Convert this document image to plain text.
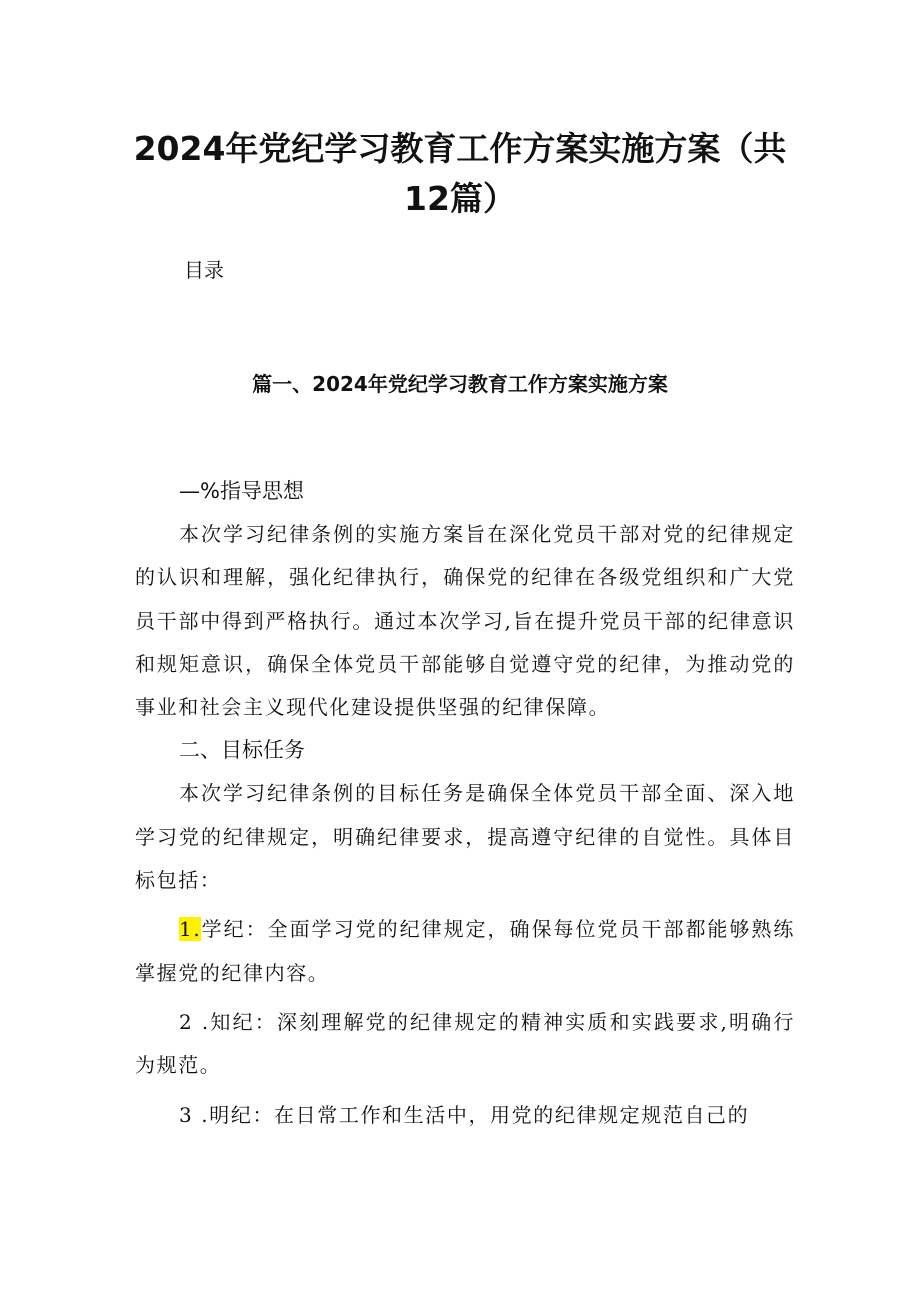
2024年党纪学习教育工作方案实施方案（共12篇）
目录
篇一、2024年党纪学习教育工作方案实施方案

—%指导思想

本次学习纪律条例的实施方案旨在深化党员干部对党的纪律规定的认识和理解，强化纪律执行，确保党的纪律在各级党组织和广大党员干部中得到严格执行。通过本次学习,旨在提升党员干部的纪律意识和规矩意识，确保全体党员干部能够自觉遵守党的纪律，为推动党的事业和社会主义现代化建设提供坚强的纪律保障。

二、目标任务

本次学习纪律条例的目标任务是确保全体党员干部全面、深入地学习党的纪律规定，明确纪律要求，提高遵守纪律的自觉性。具体目标包括：

1.学纪：全面学习党的纪律规定，确保每位党员干部都能够熟练掌握党的纪律内容。

2 .知纪：深刻理解党的纪律规定的精神实质和实践要求,明确行为规范。

3 .明纪：在日常工作和生活中，用党的纪律规定规范自己的
